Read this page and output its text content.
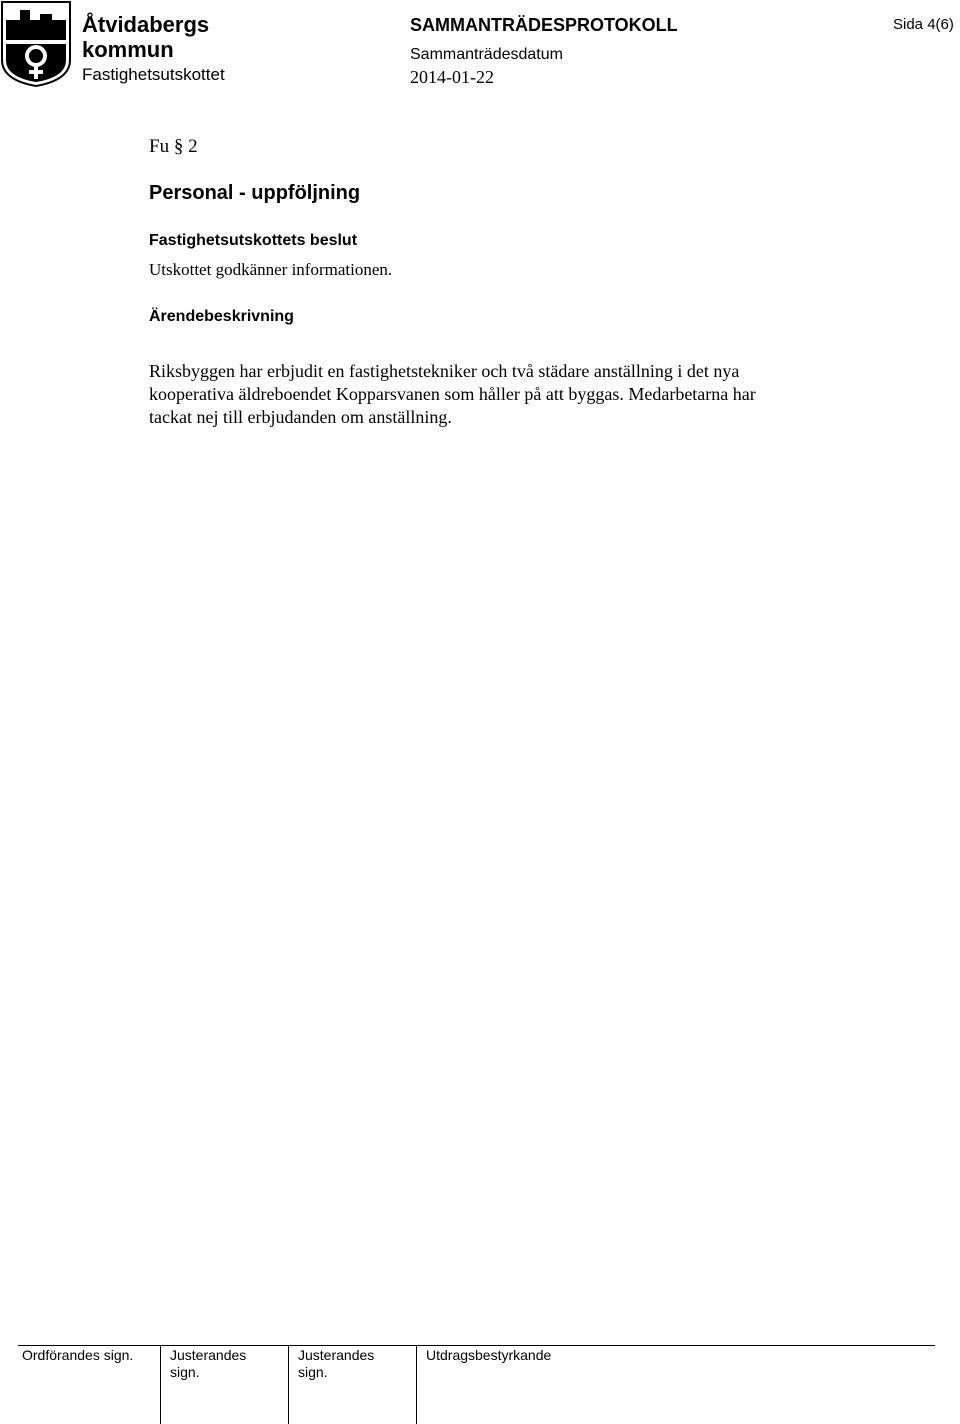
Åtvidabergs
kommun
Fastighetsutskottet
SAMMANTRÄDESPROTOKOLL
Sammanträdesdatum
2014-01-22
Sida 4(6)
Fu § 2
Personal - uppföljning
Fastighetsutskottets beslut
Utskottet godkänner informationen.
Ärendebeskrivning

Riksbyggen har erbjudit en fastighetstekniker och två städare anställning i det nya
kooperativa äldreboendet Kopparsvanen som håller på att byggas. Medarbetarna har
tackat nej till erbjudanden om anställning.

Ordförandes sign.	Justerandes
sign.
Justerandes
sign.
Utdragsbestyrkande
